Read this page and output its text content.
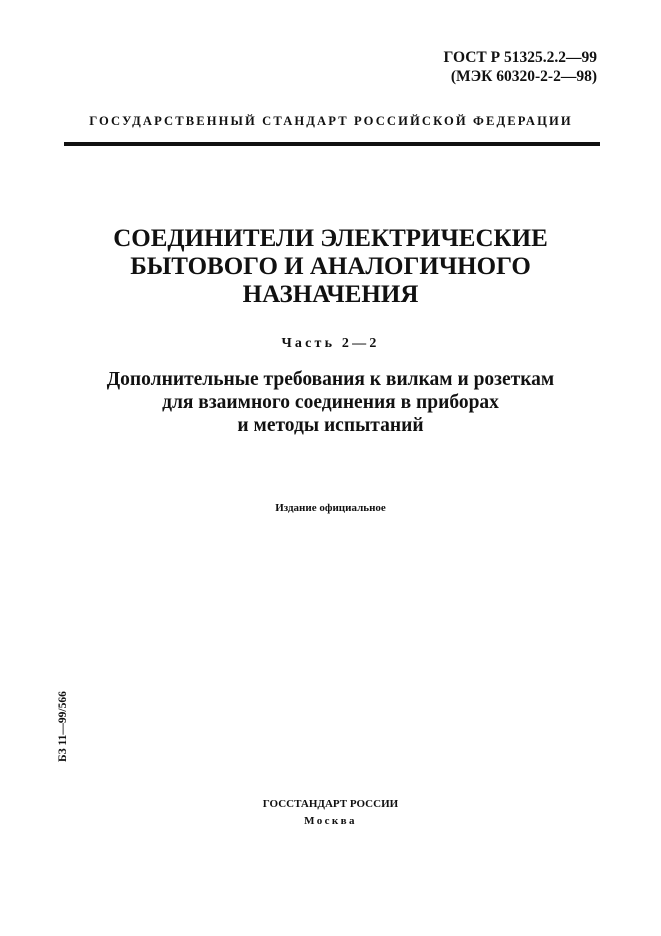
ГОСТ Р 51325.2.2—99
(МЭК 60320-2-2—98)
ГОСУДАРСТВЕННЫЙ СТАНДАРТ РОССИЙСКОЙ ФЕДЕРАЦИИ
СОЕДИНИТЕЛИ ЭЛЕКТРИЧЕСКИЕ
БЫТОВОГО И АНАЛОГИЧНОГО
НАЗНАЧЕНИЯ
Часть 2—2
Дополнительные требования к вилкам и розеткам
для взаимного соединения в приборах
и методы испытаний
Издание официальное
БЗ 11—99/566
ГОССТАНДАРТ РОССИИ
Москва
